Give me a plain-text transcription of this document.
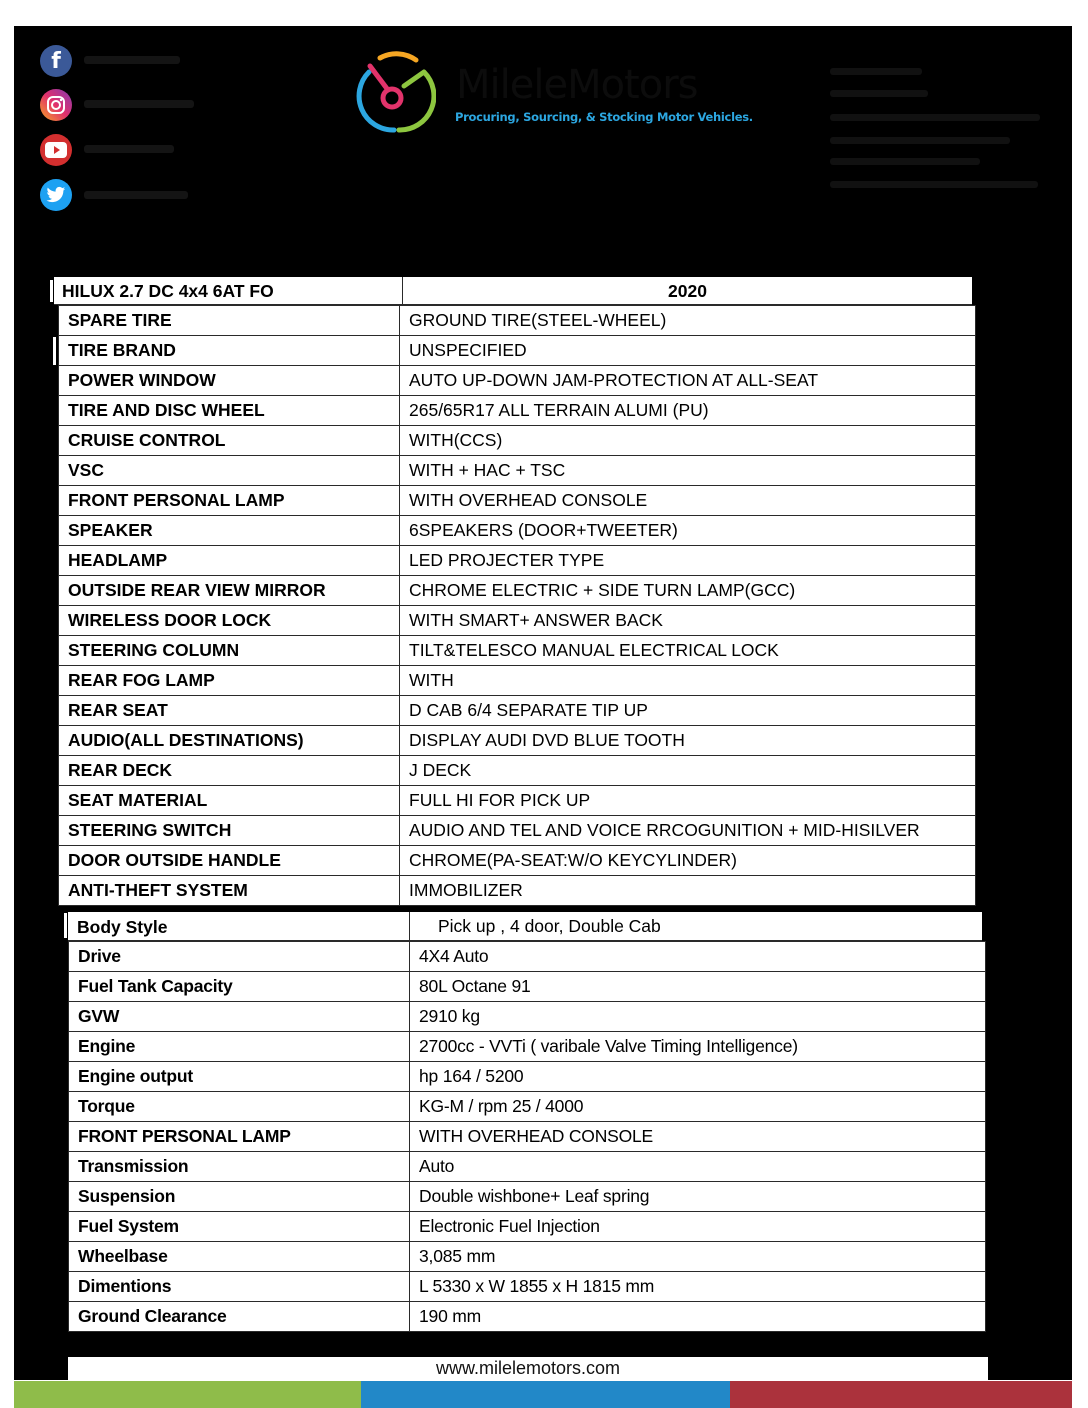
f
MileleMotors
Procuring, Sourcing, & Stocking Motor Vehicles.
HILUX 2.7 DC 4x4 6AT FO	2020
SPARE TIRE	GROUND TIRE(STEEL-WHEEL)
TIRE BRAND	UNSPECIFIED
POWER WINDOW	AUTO UP-DOWN JAM-PROTECTION AT ALL-SEAT
TIRE AND DISC WHEEL	265/65R17 ALL TERRAIN ALUMI (PU)
CRUISE CONTROL	WITH(CCS)
VSC	WITH + HAC + TSC
FRONT PERSONAL LAMP	WITH OVERHEAD CONSOLE
SPEAKER	6SPEAKERS (DOOR+TWEETER)
HEADLAMP	LED PROJECTER TYPE
OUTSIDE REAR VIEW MIRROR	CHROME ELECTRIC + SIDE TURN LAMP(GCC)
WIRELESS DOOR LOCK	WITH SMART+ ANSWER BACK
STEERING COLUMN	TILT&TELESCO MANUAL ELECTRICAL LOCK
REAR FOG LAMP	WITH
REAR SEAT	D CAB 6/4 SEPARATE TIP UP
AUDIO(ALL DESTINATIONS)	DISPLAY AUDI DVD BLUE TOOTH
REAR DECK	J DECK
SEAT MATERIAL	FULL HI FOR PICK UP
STEERING SWITCH	AUDIO AND TEL AND VOICE RRCOGUNITION + MID-HISILVER
DOOR OUTSIDE HANDLE	CHROME(PA-SEAT:W/O KEYCYLINDER)
ANTI-THEFT SYSTEM	IMMOBILIZER
Body Style	Pick up , 4 door, Double Cab
Drive	4X4 Auto
Fuel Tank Capacity	80L Octane 91
GVW	2910 kg
Engine	2700cc - VVTi ( varibale Valve Timing Intelligence)
Engine output	hp 164 / 5200
Torque	KG-M / rpm 25 / 4000
FRONT PERSONAL LAMP	WITH OVERHEAD CONSOLE
Transmission	Auto
Suspension	Double wishbone+ Leaf spring
Fuel System	Electronic Fuel Injection
Wheelbase	3,085 mm
Dimentions	L 5330 x W 1855 x H 1815 mm
Ground Clearance	190 mm
www.milelemotors.com
